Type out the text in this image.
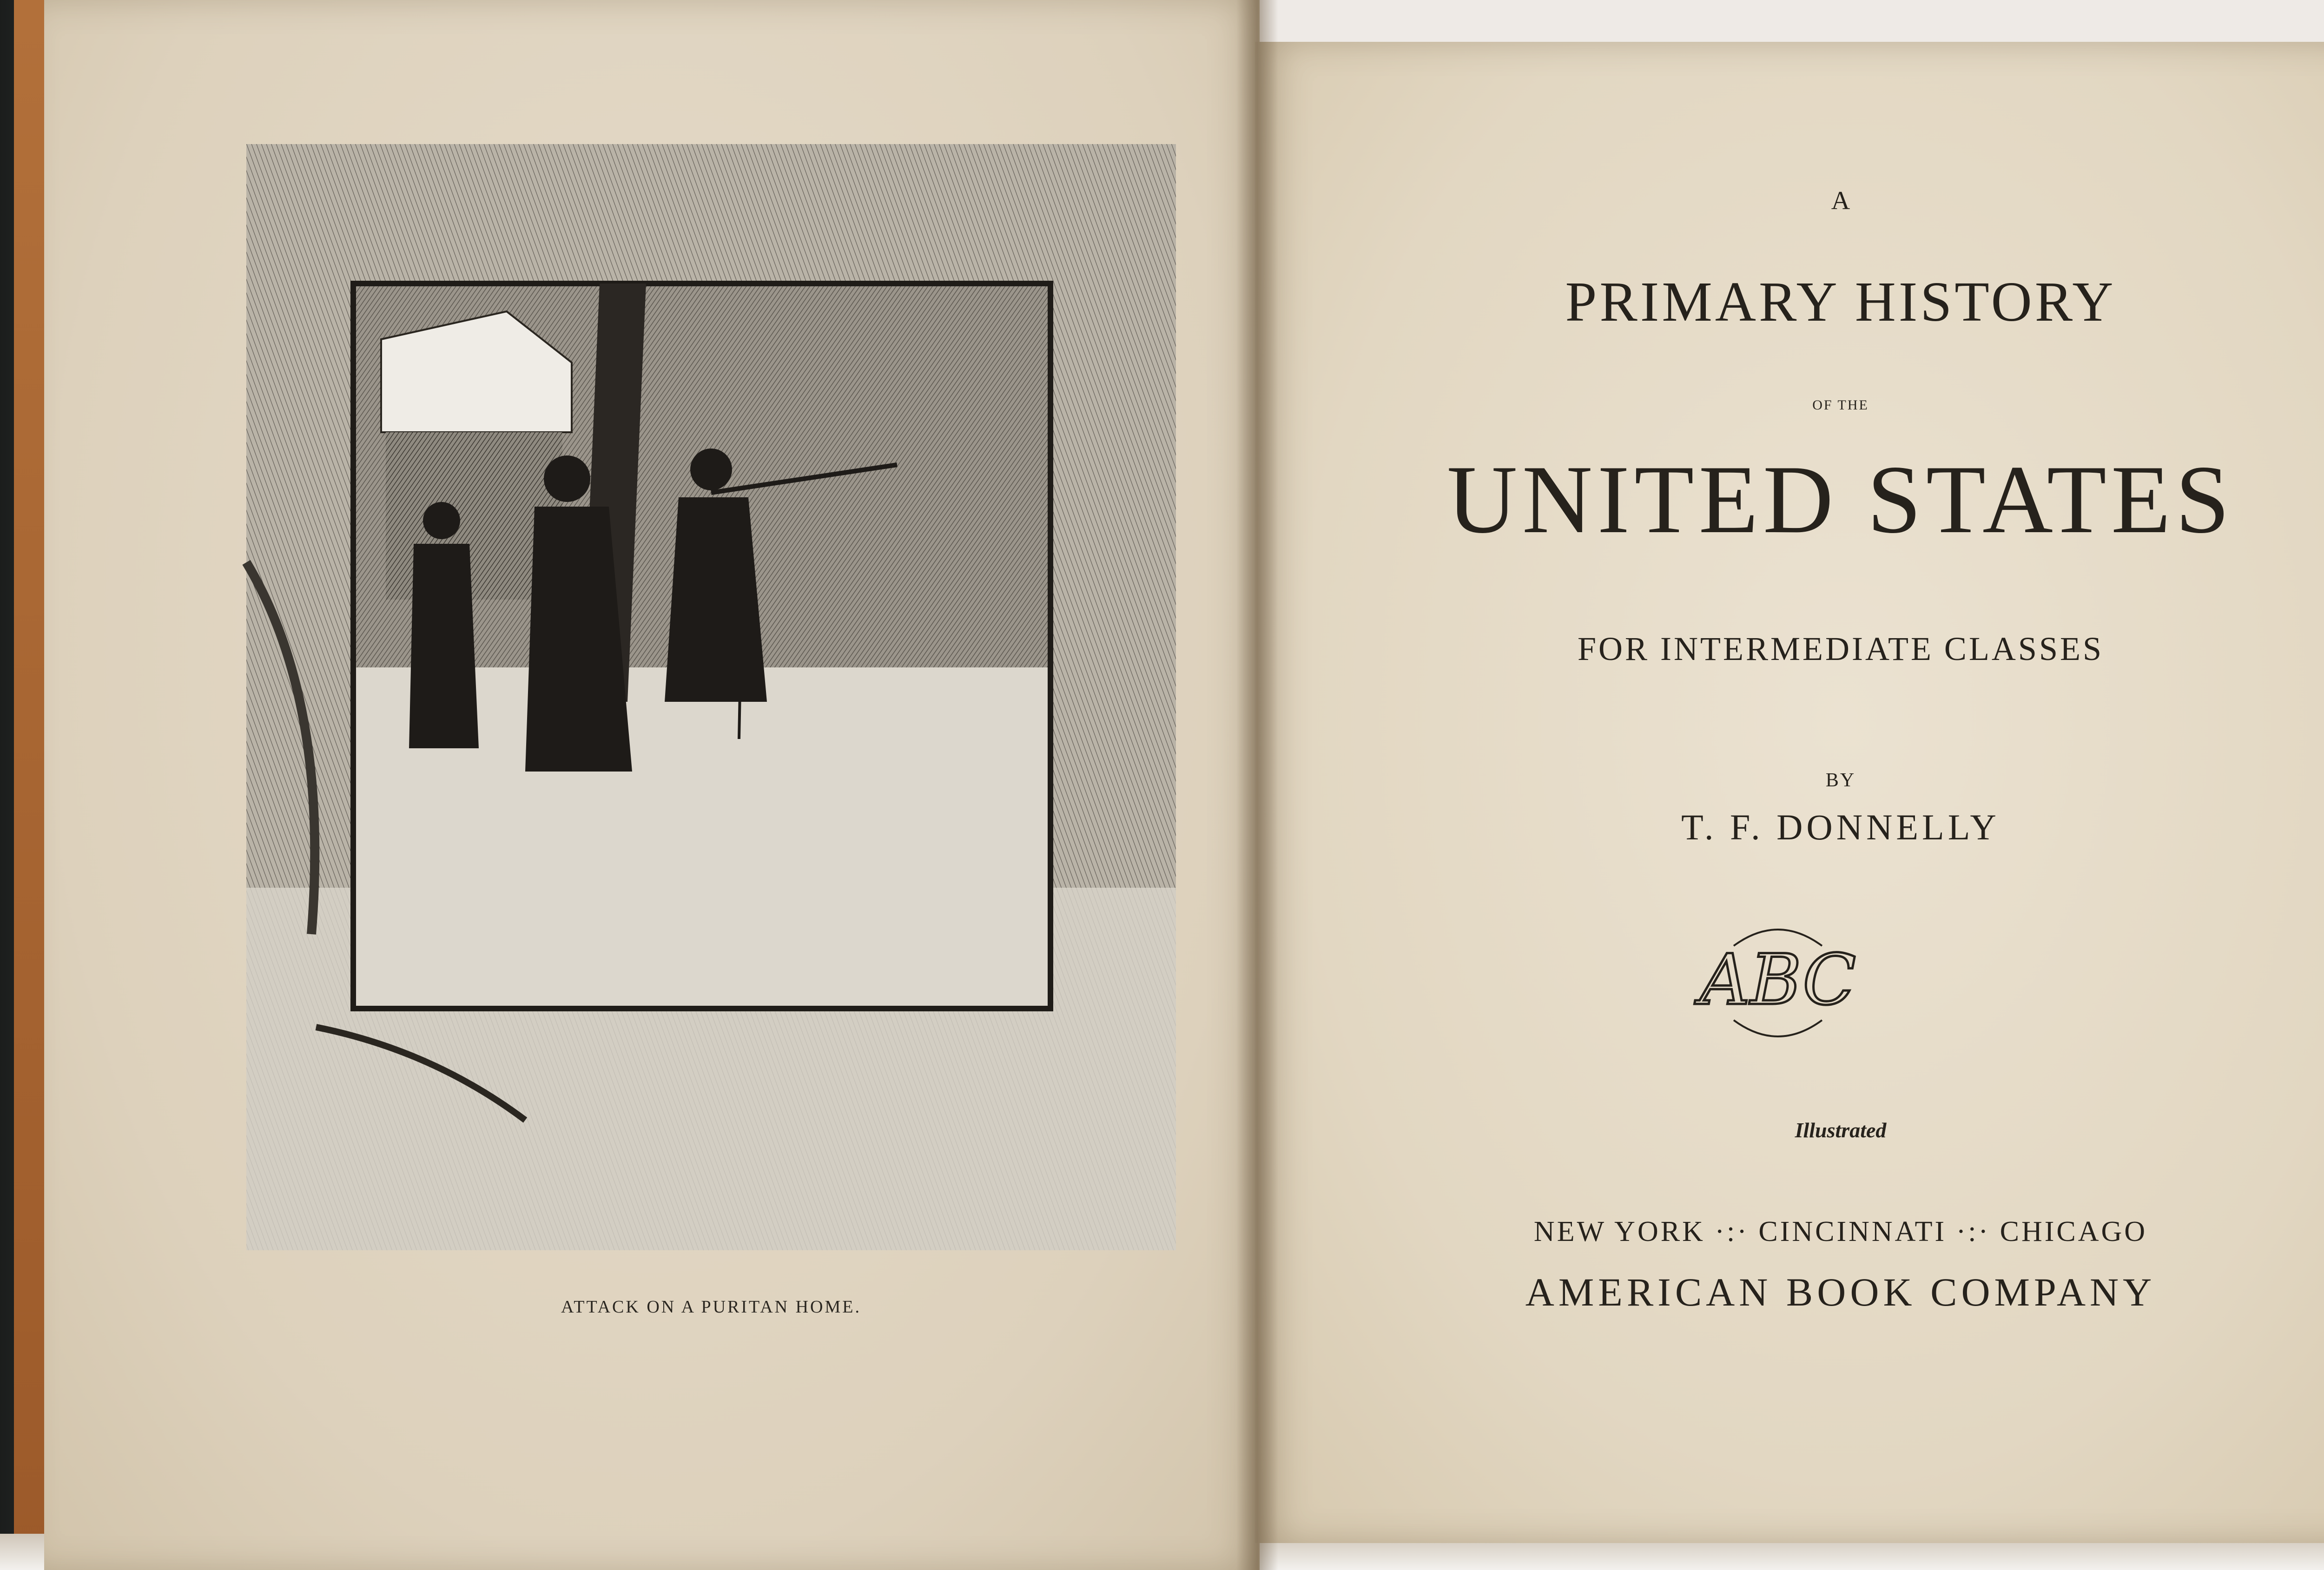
ATTACK ON A PURITAN HOME.
A
PRIMARY HISTORY
OF THE
UNITED STATES
FOR INTERMEDIATE CLASSES
BY
T. F. DONNELLY
ABC
Illustrated
NEW YORK ·:· CINCINNATI ·:· CHICAGO
AMERICAN BOOK COMPANY
